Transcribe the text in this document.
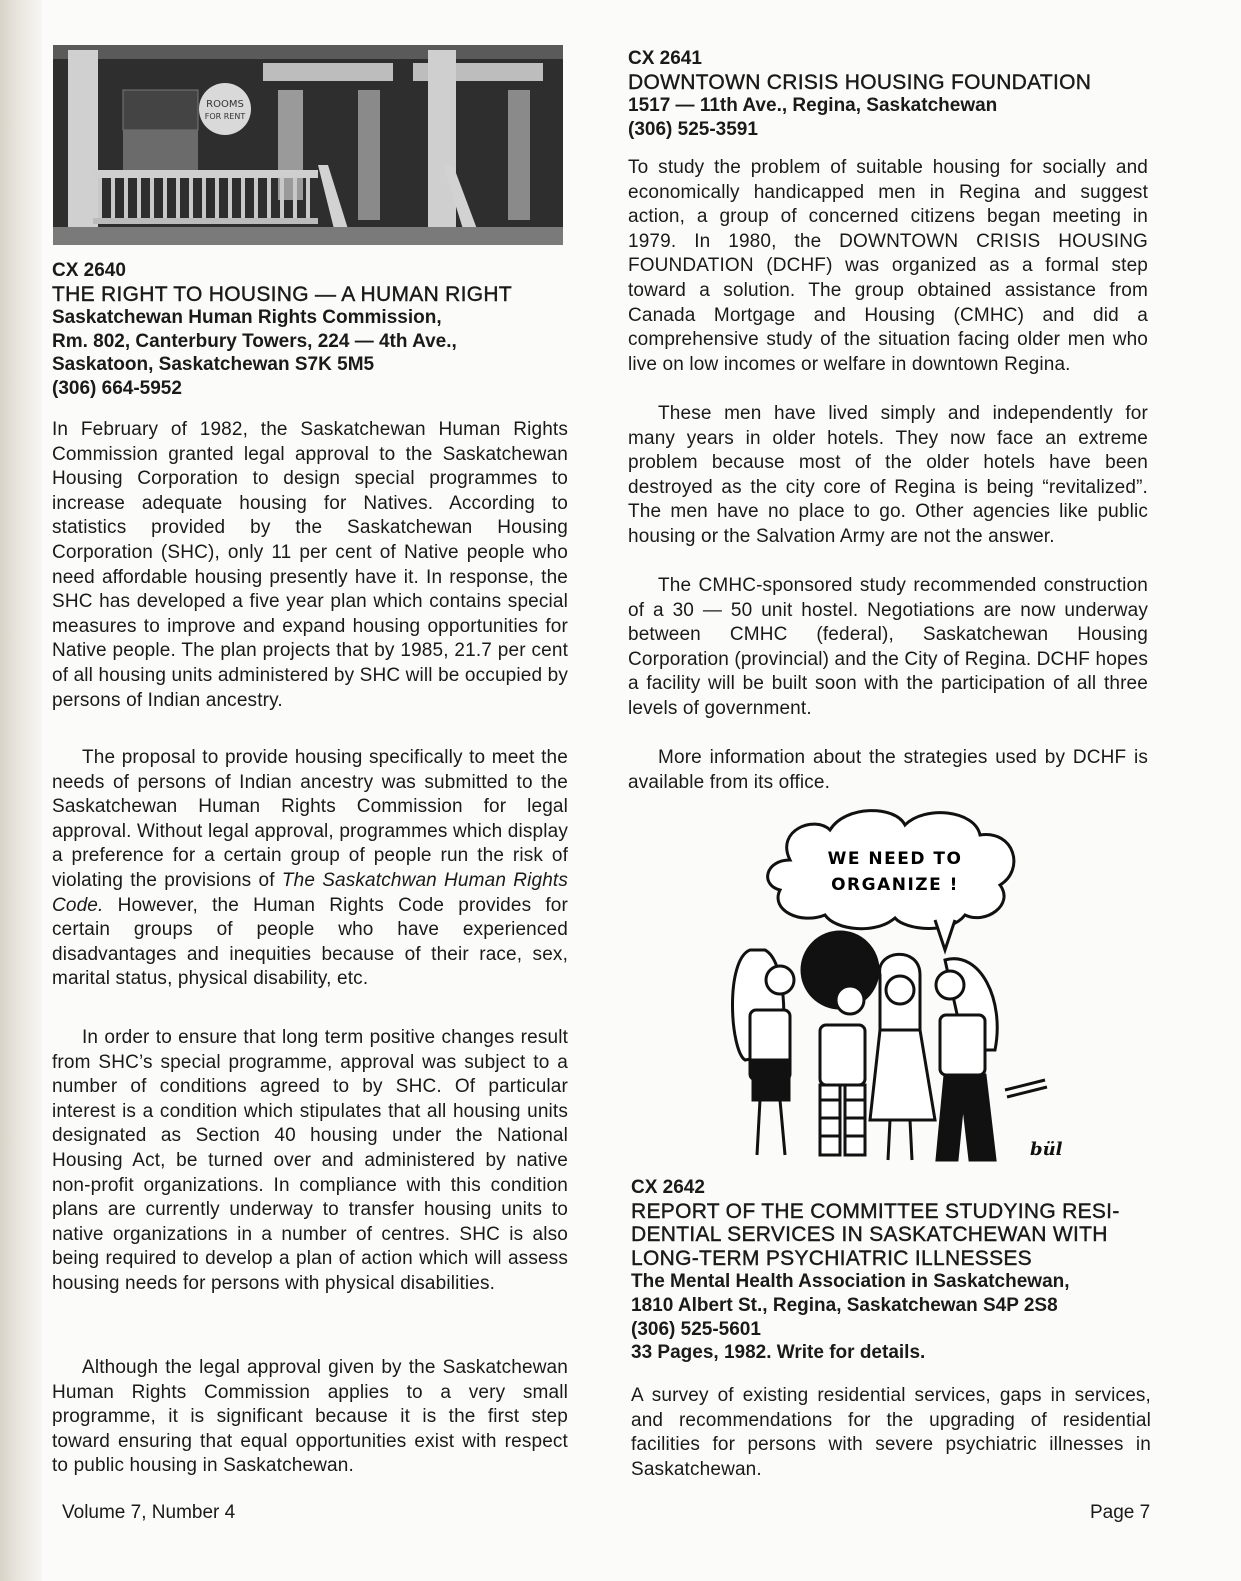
ROOMS
FOR RENT
CX 2640
THE RIGHT TO HOUSING — A HUMAN RIGHT
Saskatchewan Human Rights Commission,
Rm. 802, Canterbury Towers, 224 — 4th Ave.,
Saskatoon, Saskatchewan S7K 5M5
(306) 664-5952

In February of 1982, the Saskatchewan Human Rights Commission granted legal approval to the Saskatchewan Housing Corporation to design special programmes to increase adequate housing for Natives. According to statistics provided by the Saskatchewan Housing Corporation (SHC), only 11 per cent of Native people who need affordable housing presently have it. In response, the SHC has developed a five year plan which contains special measures to improve and expand housing opportunities for Native people. The plan projects that by 1985, 21.7 per cent of all housing units administered by SHC will be occupied by persons of Indian ancestry.

The proposal to provide housing specifically to meet the needs of persons of Indian ancestry was submitted to the Saskatchewan Human Rights Commission for legal approval. Without legal approval, programmes which display a preference for a certain group of people run the risk of violating the provisions of The Saskatchwan Human Rights Code. However, the Human Rights Code provides for certain groups of people who have experienced disadvantages and inequities because of their race, sex, marital status, physical disability, etc.

In order to ensure that long term positive changes result from SHC’s special programme, approval was subject to a number of conditions agreed to by SHC. Of particular interest is a condition which stipulates that all housing units designated as Section 40 housing under the National Housing Act, be turned over and administered by native non-profit organizations. In compliance with this condition plans are currently underway to transfer housing units to native organizations in a number of centres. SHC is also being required to develop a plan of action which will assess housing needs for persons with physical disabilities.

Although the legal approval given by the Saskatchewan Human Rights Commission applies to a very small programme, it is significant because it is the first step toward ensuring that equal opportunities exist with respect to public housing in Saskatchewan.

CX 2641
DOWNTOWN CRISIS HOUSING FOUNDATION
1517 — 11th Ave., Regina, Saskatchewan
(306) 525-3591

To study the problem of suitable housing for socially and economically handicapped men in Regina and suggest action, a group of concerned citizens began meeting in 1979. In 1980, the DOWNTOWN CRISIS HOUSING FOUNDATION (DCHF) was organized as a formal step toward a solution. The group obtained assistance from Canada Mortgage and Housing (CMHC) and did a comprehensive study of the situation facing older men who live on low incomes or welfare in downtown Regina.

These men have lived simply and independently for many years in older hotels. They now face an extreme problem because most of the older hotels have been destroyed as the city core of Regina is being “revitalized”. The men have no place to go. Other agencies like public housing or the Salvation Army are not the answer.

The CMHC-sponsored study recommended construction of a 30 — 50 unit hostel. Negotiations are now underway between CMHC (federal), Saskatchewan Housing Corporation (provincial) and the City of Regina. DCHF hopes a facility will be built soon with the participation of all three levels of government.

More information about the strategies used by DCHF is available from its office.

CX 2642
REPORT OF THE COMMITTEE STUDYING RESI-
DENTIAL SERVICES IN SASKATCHEWAN WITH
LONG-TERM PSYCHIATRIC ILLNESSES
The Mental Health Association in Saskatchewan,
1810 Albert St., Regina, Saskatchewan S4P 2S8
(306) 525-5601
33 Pages, 1982. Write for details.

A survey of existing residential services, gaps in services, and recommendations for the upgrading of residential facilities for persons with severe psychiatric illnesses in Saskatchewan.

WE NEED TO
ORGANIZE !
bül
Volume 7, Number 4	Page 7
